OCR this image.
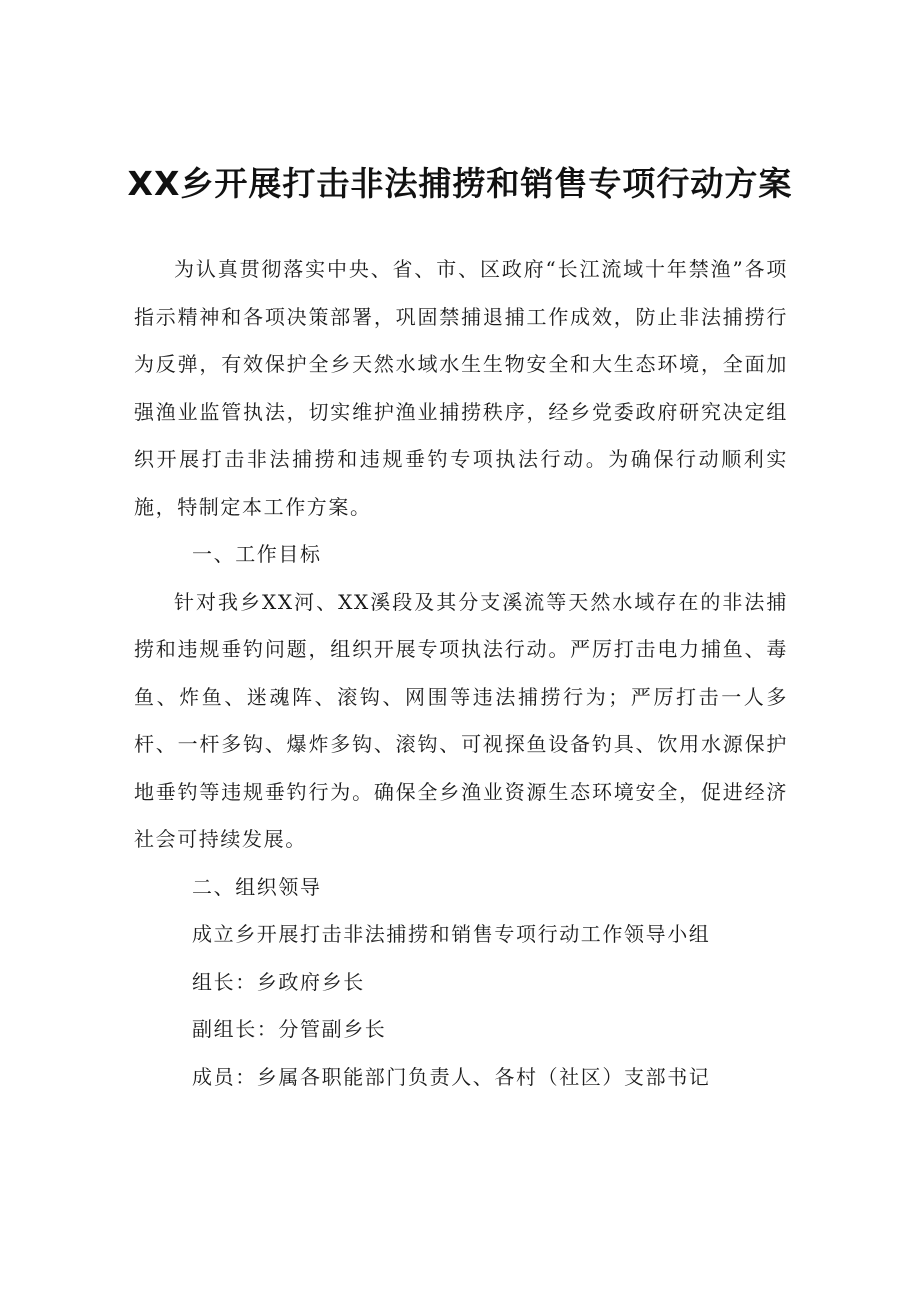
XX乡开展打击非法捕捞和销售专项行动方案

为认真贯彻落实中央、省、市、区政府“长江流域十年禁渔”各项指示精神和各项决策部署，巩固禁捕退捕工作成效，防止非法捕捞行为反弹，有效保护全乡天然水域水生生物安全和大生态环境，全面加强渔业监管执法，切实维护渔业捕捞秩序，经乡党委政府研究决定组织开展打击非法捕捞和违规垂钓专项执法行动。为确保行动顺利实施，特制定本工作方案。

一、工作目标

针对我乡XX河、XX溪段及其分支溪流等天然水域存在的非法捕捞和违规垂钓问题，组织开展专项执法行动。严厉打击电力捕鱼、毒鱼、炸鱼、迷魂阵、滚钩、网围等违法捕捞行为；严厉打击一人多杆、一杆多钩、爆炸多钩、滚钩、可视探鱼设备钓具、饮用水源保护地垂钓等违规垂钓行为。确保全乡渔业资源生态环境安全，促进经济社会可持续发展。

二、组织领导

成立乡开展打击非法捕捞和销售专项行动工作领导小组

组长：乡政府乡长

副组长：分管副乡长

成员：乡属各职能部门负责人、各村（社区）支部书记
